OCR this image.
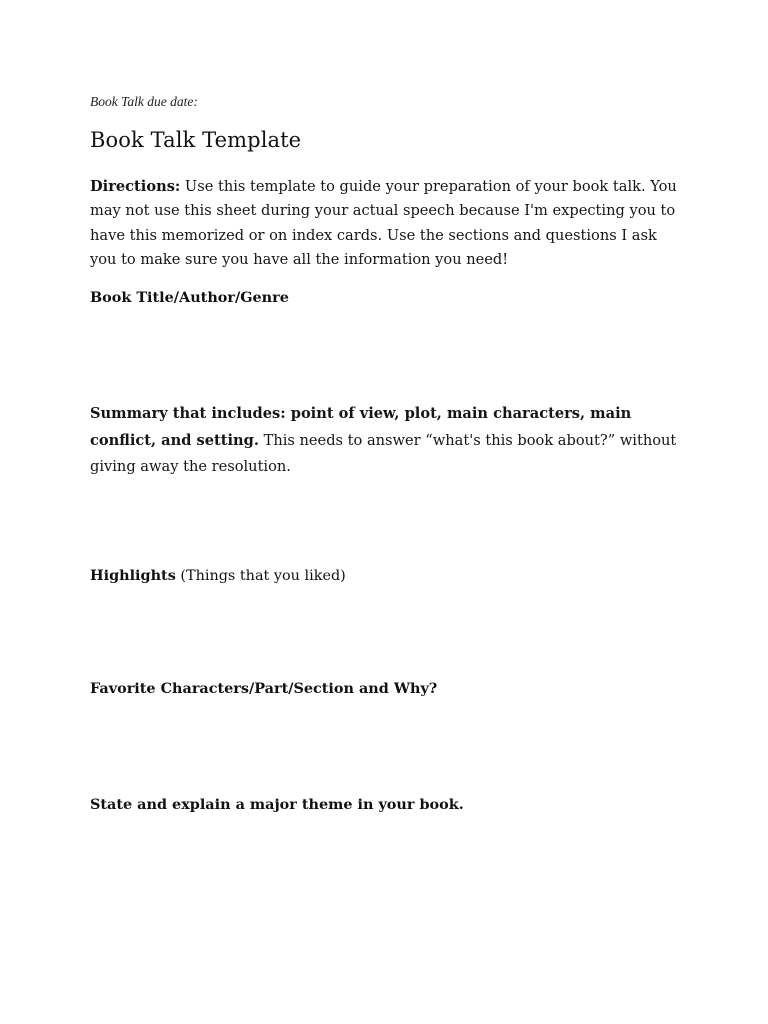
Book Talk due date:
Book Talk Template

Directions: Use this template to guide your preparation of your book talk. You may not use this sheet during your actual speech because I'm expecting you to have this memorized or on index cards. Use the sections and questions I ask you to make sure you have all the information you need!

Book Title/Author/Genre

Summary that includes: point of view, plot, main characters, main conflict, and setting. This needs to answer “what's this book about?” without giving away the resolution.

Highlights (Things that you liked)
Favorite Characters/Part/Section and Why?
State and explain a major theme in your book.
